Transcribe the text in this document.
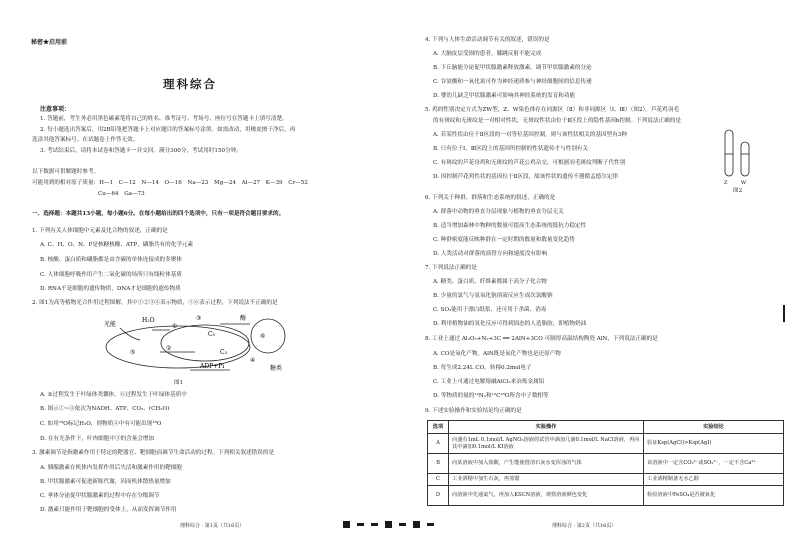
秘密★启用前
理科综合
注意事项：
1. 答题前，考生务必用黑色碳素笔将自己的姓名、准考证号、考场号、座位号在答题卡上填写清楚。
2. 每小题选出答案后，用2B铅笔把答题卡上对应题目的答案标号涂黑。如需改动，用橡皮擦干净后，再
选涂其他答案标号。在试题卷上作答无效。
3. 考试结束后，请将本试卷和答题卡一并交回。满分300分，考试用时150分钟。
以下数据可供解题时参考。
可能用到的相对原子质量：H—1　C—12　N—14　O—16　Na—23　Mg—24　Al—27　K—39　Cr—52
Cu—64　Ga—73
一、选择题：本题共13小题，每小题6分。在每小题给出的四个选项中，只有一项是符合题目要求的。
1. 下列有关人体细胞中元素及化合物的叙述，正确的是
A. C、H、O、N、P是核糖核酸、ATP、磷脂共有的化学元素
B. 核酸、蛋白质和磷脂都是由含碳的单体连接成的多聚体
C. 人体细胞呼吸作用产生二氧化碳的场所只有线粒体基质
D. RNA不是细胞的遗传物质，DNA才是细胞的遗传物质
2. 图1为高等植物光合作用过程图解，其中①②③④表示物质，⑤⑥表示过程，下列说法不正确的是
光能
H₂O
①
③
C₅
酶
⑥
②
C₃
⑤
④
ADP+Pi	糖类
图1
A. ⑤过程发生于叶绿体类囊体，⑥过程发生于叶绿体基质中
B. 图示①~④依次为NADH、ATP、CO₂、(CH₂O)
C. 如用¹⁸O标记H₂O，则物质④中有可能出现¹⁸O
D. 在有光条件下，叶肉细胞中③的含量会增加
3. 激素调节是指激素作用于特定的靶器官、靶细胞而调节生命活动的过程。下列相关叙述错误的是
A. 胰腺激素在机体内发挥作用后失活和激素作用的靶细胞
B. 甲状腺激素可促进新陈代谢，因而机体散热量增加
C. 垂体分泌促甲状腺激素的过程中存在分级调节
D. 激素只能作用于靶细胞的受体上，从而发挥调节作用
理科综合 · 第1页（共16页）
4. 下列与人体生命活动调节有关的叙述，错误的是
A. 大脑皮层受损的患者，膝跳反射不能完成
B. 下丘脑能分泌促甲状腺激素释放激素，调节甲状腺激素的分泌
C. 谷氨酸和一氧化氮可作为神经递质参与神经细胞间的信息传递
D. 婴幼儿缺乏甲状腺激素可影响其神经系统的发育和功能
5. 鸡的性别决定方式为ZW型，Z、W染色体存在同源区（Ⅱ）和非同源区（Ⅰ、Ⅲ）（图2）。芦花鸡羽毛
的有斑纹和无斑纹是一对相对性状，无斑纹性状由位于Ⅱ区段上的隐性基因b控制。下列说法正确的是
A. 若某性状由位于Ⅱ区段的一对等位基因控制，则与该性状相关的基因型有3种
B. 只有位于Ⅰ、Ⅲ区段上的基因所控制的性状遗传才与性别有关
C. 有斑纹的芦花母鸡和无斑纹的芦花公鸡杂交，可根据羽毛斑纹判断子代性别
D. 因控制芦花鸡性状的基因位于Ⅱ区段，故该性状的遗传不遵循孟德尔定律
Z	W
图2
6. 下列关于种群、群落和生态系统的叙述，正确的是
A. 群落中动物的垂直分层现象与植物的垂直分层无关
B. 适当增加森林中物种的数量可提高生态系统的抵抗力稳定性
C. 种群密度能反映种群在一定时期的数量和数量变化趋势
D. 人类活动对群落的演替方向和速度没有影响
7. 下列说法正确的是
A. 糖类、蛋白质、纤维素都属于高分子化合物
B. 少量的氯气与氢氧化钠溶液反应生成次氯酸钠
C. SO₂能用于漂白纸浆、还可用于杀菌、消毒
D. 利用植物油的氢化反应可得到固态的人造脂肪，即植物奶油
8. 工业上通过 Al₂O₃+N₂+3C ══ 2AlN+3CO 可制得高温结构陶瓷 AlN，下列说法正确的是
A. CO是氧化产物，AlN既是氧化产物也是还原产物
B. 每生成2.24L CO，转移0.2mol电子
C. 工业上可通过电解熔融AlCl₃来冶炼金属铝
D. 等物质的量的¹⁴N₂和¹²C¹⁸O所含中子数相等
9. 下述实验操作和实验结论均正确的是
理科综合 · 第2页（共16页）
选项	实验操作	实验结论
A	向盛有1mL 0.1mol/L AgNO₃溶液的试管中滴加几滴0.1mol/L NaCl溶液，再向其中滴加0.1mol/L KI溶液	验证Ksp(AgCl)>Ksp(AgI)
B	向某溶液中加入盐酸，产生能使澄清石灰水变浑浊的气体	该溶液中一定含CO₃²⁻或SO₃²⁻，一定不含Ca²⁺
C	工业酒精中加生石灰，再蒸馏	工业酒精制备无水乙醇
D	向溶液中先通氯气，再加入KSCN溶液，观察溶液颜色变化	检验溶液中FeSO₄是否被氧化
